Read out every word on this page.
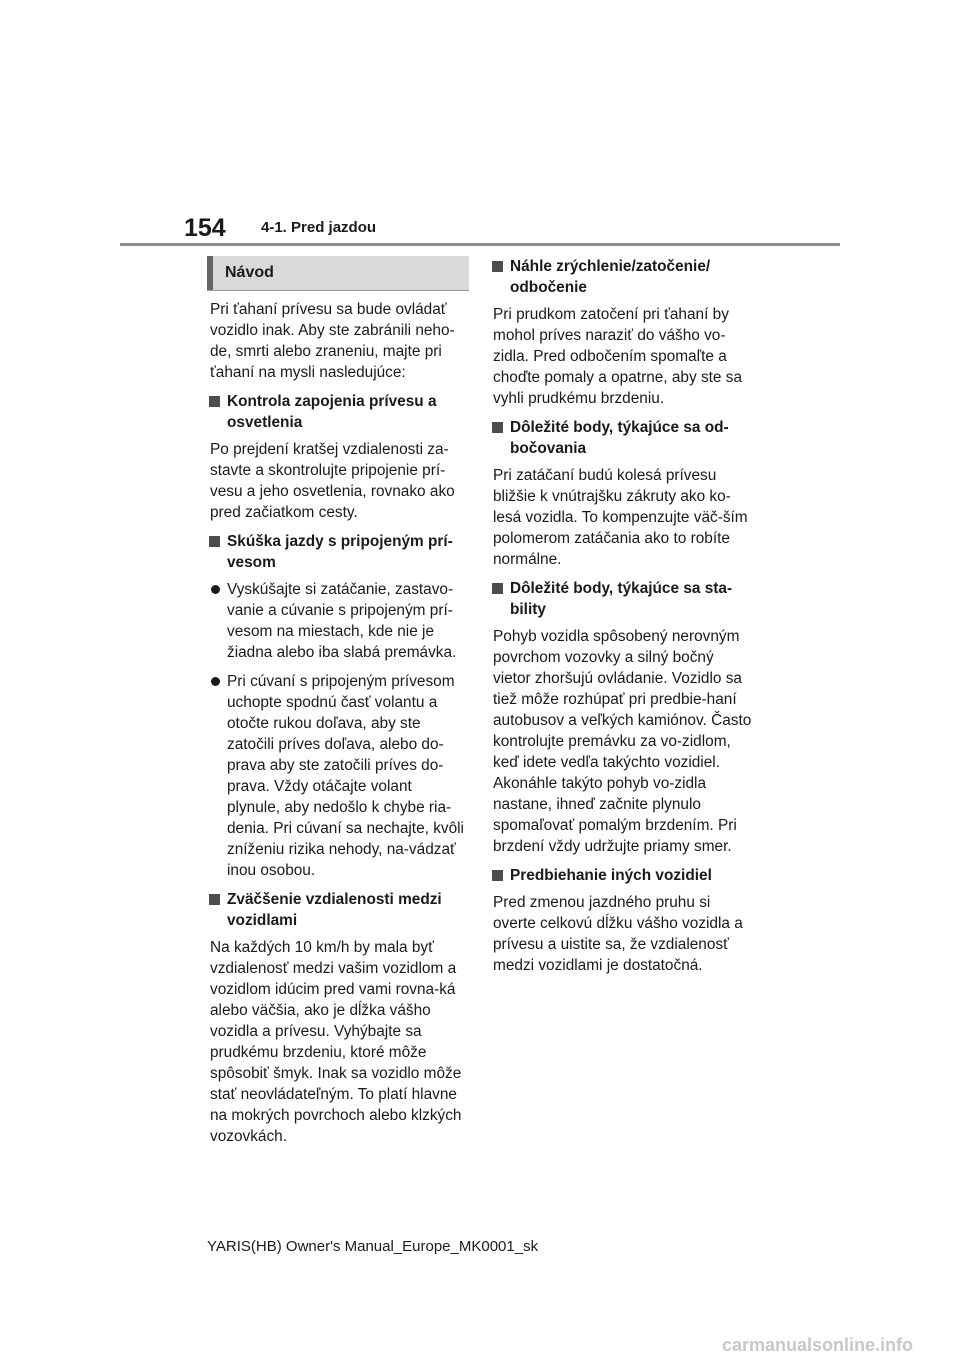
154 4-1. Pred jazdou
Návod

Pri ťahaní prívesu sa bude ovládať vozidlo inak. Aby ste zabránili neho-de, smrti alebo zraneniu, majte pri ťahaní na mysli nasledujúce:

Kontrola zapojenia prívesu a osvetlenia

Po prejdení kratšej vzdialenosti za-stavte a skontrolujte pripojenie prí-vesu a jeho osvetlenia, rovnako ako pred začiatkom cesty.

Skúška jazdy s pripojeným prí-vesom
Vyskúšajte si zatáčanie, zastavo-vanie a cúvanie s pripojeným prí-vesom na miestach, kde nie je žiadna alebo iba slabá premávka.
Pri cúvaní s pripojeným prívesom uchopte spodnú časť volantu a otočte rukou doľava, aby ste zatočili príves doľava, alebo do-prava aby ste zatočili príves do-prava. Vždy otáčajte volant plynule, aby nedošlo k chybe ria-denia. Pri cúvaní sa nechajte, kvôli zníženiu rizika nehody, na-vádzať inou osobou.
Zväčšenie vzdialenosti medzi vozidlami

Na každých 10 km/h by mala byť vzdialenosť medzi vašim vozidlom a vozidlom idúcim pred vami rovna-ká alebo väčšia, ako je dĺžka vášho vozidla a prívesu. Vyhýbajte sa prudkému brzdeniu, ktoré môže spôsobiť šmyk. Inak sa vozidlo môže stať neovládateľným. To platí hlavne na mokrých povrchoch alebo klzkých vozovkách.

Náhle zrýchlenie/zatočenie/ odbočenie

Pri prudkom zatočení pri ťahaní by mohol príves naraziť do vášho vo-zidla. Pred odbočením spomaľte a choďte pomaly a opatrne, aby ste sa vyhli prudkému brzdeniu.

Dôležité body, týkajúce sa od-bočovania

Pri zatáčaní budú kolesá prívesu bližšie k vnútrajšku zákruty ako ko-lesá vozidla. To kompenzujte väč-ším polomerom zatáčania ako to robíte normálne.

Dôležité body, týkajúce sa sta-bility

Pohyb vozidla spôsobený nerovným povrchom vozovky a silný bočný vietor zhoršujú ovládanie. Vozidlo sa tiež môže rozhúpať pri predbie-haní autobusov a veľkých kamiónov. Často kontrolujte premávku za vo-zidlom, keď idete vedľa takýchto vozidiel. Akonáhle takýto pohyb vo-zidla nastane, ihneď začnite plynulo spomaľovať pomalým brzdením. Pri brzdení vždy udržujte priamy smer.

Predbiehanie iných vozidiel

Pred zmenou jazdného pruhu si overte celkovú dĺžku vášho vozidla a prívesu a uistite sa, že vzdialenosť medzi vozidlami je dostatočná.

YARIS(HB) Owner's Manual_Europe_MK0001_sk
carmanualsonline.info
